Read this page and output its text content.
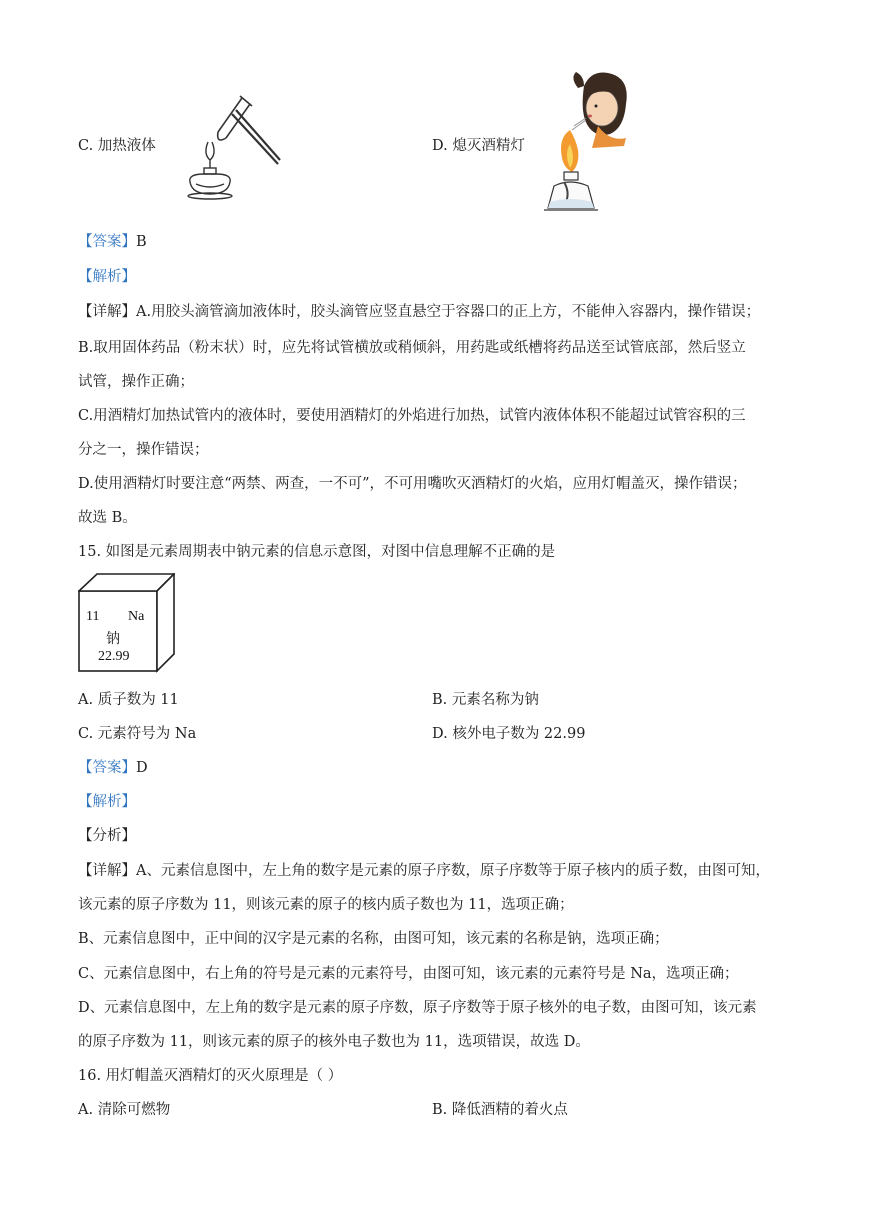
C. 加热液体	D. 熄灭酒精灯
【答案】B
【解析】
【详解】A.用胶头滴管滴加液体时，胶头滴管应竖直悬空于容器口的正上方，不能伸入容器内，操作错误；
B.取用固体药品（粉末状）时，应先将试管横放或稍倾斜，用药匙或纸槽将药品送至试管底部，然后竖立
试管，操作正确；
C.用酒精灯加热试管内的液体时，要使用酒精灯的外焰进行加热，试管内液体体积不能超过试管容积的三
分之一，操作错误；
D.使用酒精灯时要注意“两禁、两查，一不可”，不可用嘴吹灭酒精灯的火焰，应用灯帽盖灭，操作错误；
故选 B。
15. 如图是元素周期表中钠元素的信息示意图，对图中信息理解不正确的是
11 Na
钠
22.99
A. 质子数为 11	B. 元素名称为钠
C. 元素符号为 Na	D. 核外电子数为 22.99
【答案】D
【解析】
【分析】
【详解】A、元素信息图中，左上角的数字是元素的原子序数，原子序数等于原子核内的质子数，由图可知，
该元素的原子序数为 11，则该元素的原子的核内质子数也为 11，选项正确；
B、元素信息图中，正中间的汉字是元素的名称，由图可知，该元素的名称是钠，选项正确；
C、元素信息图中，右上角的符号是元素的元素符号，由图可知，该元素的元素符号是 Na，选项正确；
D、元素信息图中，左上角的数字是元素的原子序数，原子序数等于原子核外的电子数，由图可知，该元素
的原子序数为 11，则该元素的原子的核外电子数也为 11，选项错误，故选 D。
16. 用灯帽盖灭酒精灯的灭火原理是（ ）
A. 清除可燃物	B. 降低酒精的着火点
